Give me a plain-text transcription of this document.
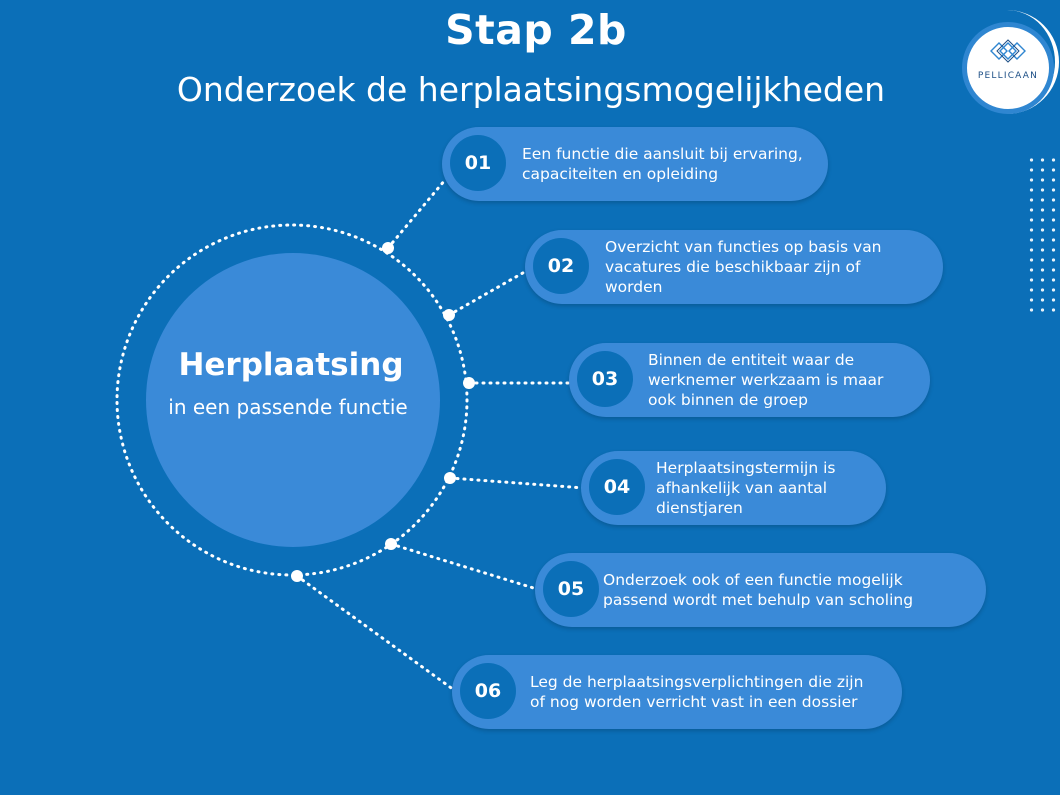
Stap 2b
Onderzoek de herplaatsingsmogelijkheden
Herplaatsing
in een passende functie
01	Een functie die aansluit bij ervaring,
capaciteiten en opleiding
02
Overzicht van functies op basis van
vacatures die beschikbaar zijn of
worden
03
Binnen de entiteit waar de
werknemer werkzaam is maar
ook binnen de groep
04
Herplaatsingstermijn is
afhankelijk van aantal
dienstjaren
05	Onderzoek ook of een functie mogelijk
passend wordt met behulp van scholing
06	Leg de herplaatsingsverplichtingen die zijn
of nog worden verricht vast in een dossier
PELLICAAN
